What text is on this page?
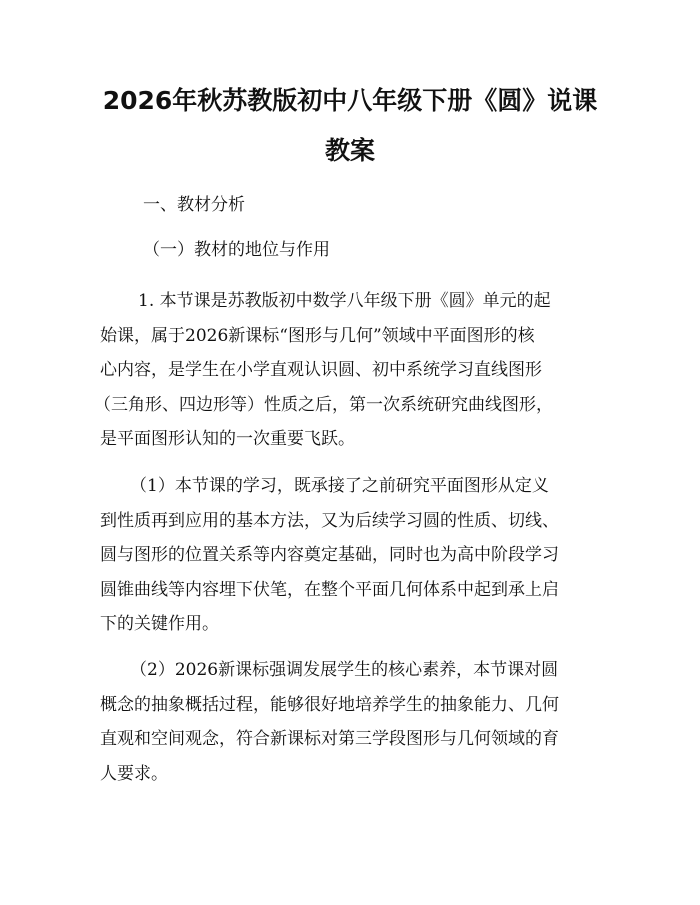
2026年秋苏教版初中八年级下册《圆》说课
教案

一、教材分析

（一）教材的地位与作用

1. 本节课是苏教版初中数学八年级下册《圆》单元的起
始课，属于2026新课标“图形与几何”领域中平面图形的核
心内容，是学生在小学直观认识圆、初中系统学习直线图形
（三角形、四边形等）性质之后，第一次系统研究曲线图形，
是平面图形认知的一次重要飞跃。

（1）本节课的学习，既承接了之前研究平面图形从定义
到性质再到应用的基本方法，又为后续学习圆的性质、切线、
圆与图形的位置关系等内容奠定基础，同时也为高中阶段学习
圆锥曲线等内容埋下伏笔，在整个平面几何体系中起到承上启
下的关键作用。

（2）2026新课标强调发展学生的核心素养，本节课对圆
概念的抽象概括过程，能够很好地培养学生的抽象能力、几何
直观和空间观念，符合新课标对第三学段图形与几何领域的育
人要求。
